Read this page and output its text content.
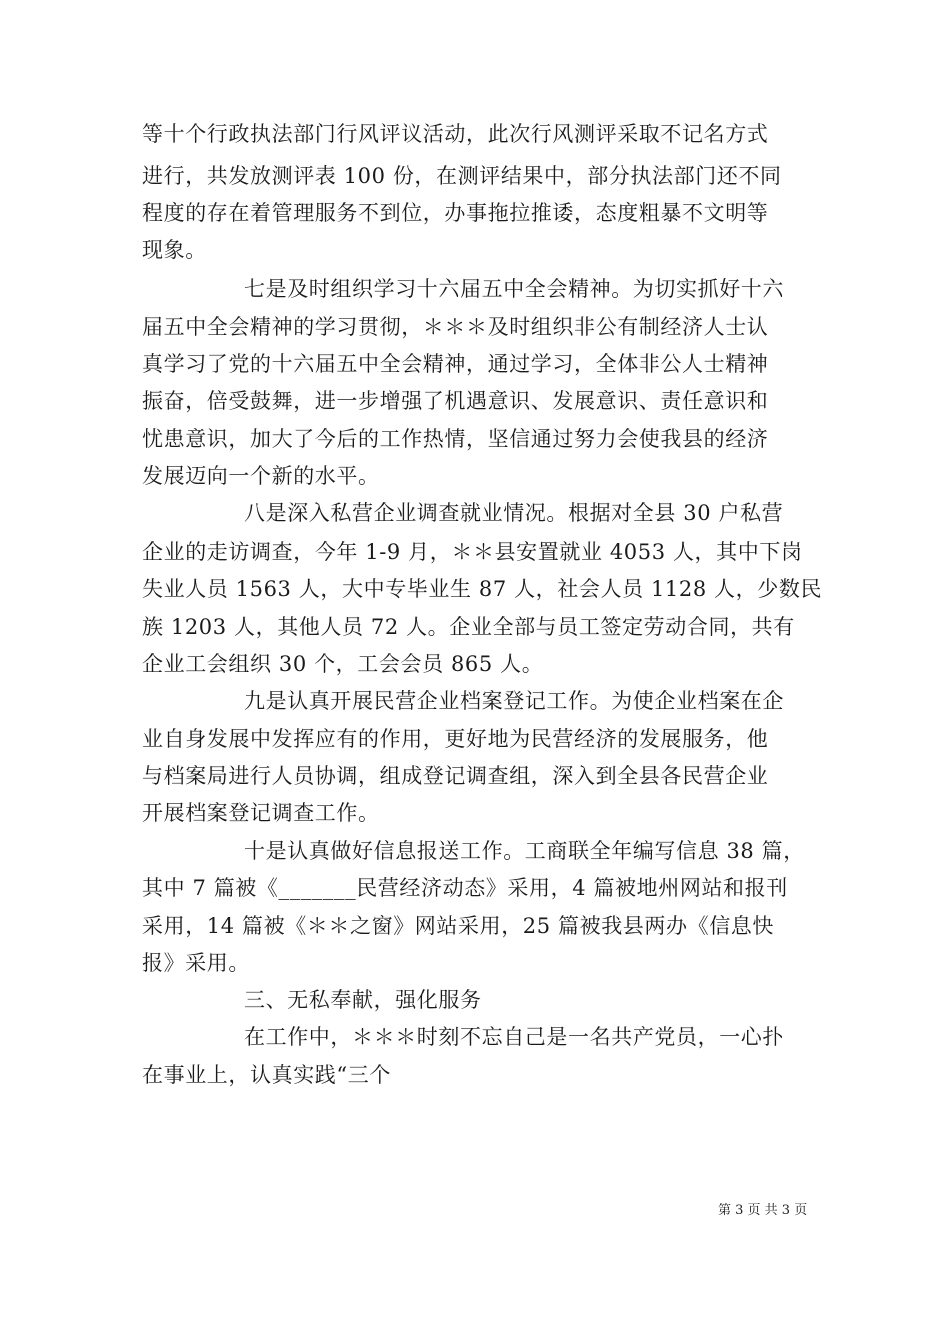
等十个行政执法部门行风评议活动，此次行风测评采取不记名方式
进行，共发放测评表 100 份，在测评结果中，部分执法部门还不同
程度的存在着管理服务不到位，办事拖拉推诿，态度粗暴不文明等
现象。
七是及时组织学习十六届五中全会精神。为切实抓好十六
届五中全会精神的学习贯彻，＊＊＊及时组织非公有制经济人士认
真学习了党的十六届五中全会精神，通过学习，全体非公人士精神
振奋，倍受鼓舞，进一步增强了机遇意识、发展意识、责任意识和
忧患意识，加大了今后的工作热情，坚信通过努力会使我县的经济
发展迈向一个新的水平。
八是深入私营企业调查就业情况。根据对全县 30 户私营
企业的走访调查，今年 1-9 月，＊＊县安置就业 4053 人，其中下岗
失业人员 1563 人，大中专毕业生 87 人，社会人员 1128 人，少数民
族 1203 人，其他人员 72 人。企业全部与员工签定劳动合同，共有
企业工会组织 30 个，工会会员 865 人。
九是认真开展民营企业档案登记工作。为使企业档案在企
业自身发展中发挥应有的作用，更好地为民营经济的发展服务，他
与档案局进行人员协调，组成登记调查组，深入到全县各民营企业
开展档案登记调查工作。
十是认真做好信息报送工作。工商联全年编写信息 38 篇，
其中 7 篇被《_______民营经济动态》采用，4 篇被地州网站和报刊
采用，14 篇被《＊＊之窗》网站采用，25 篇被我县两办《信息快
报》采用。
三、无私奉献，强化服务
在工作中，＊＊＊时刻不忘自己是一名共产党员，一心扑
在事业上，认真实践“三个
第 3 页 共 3 页
